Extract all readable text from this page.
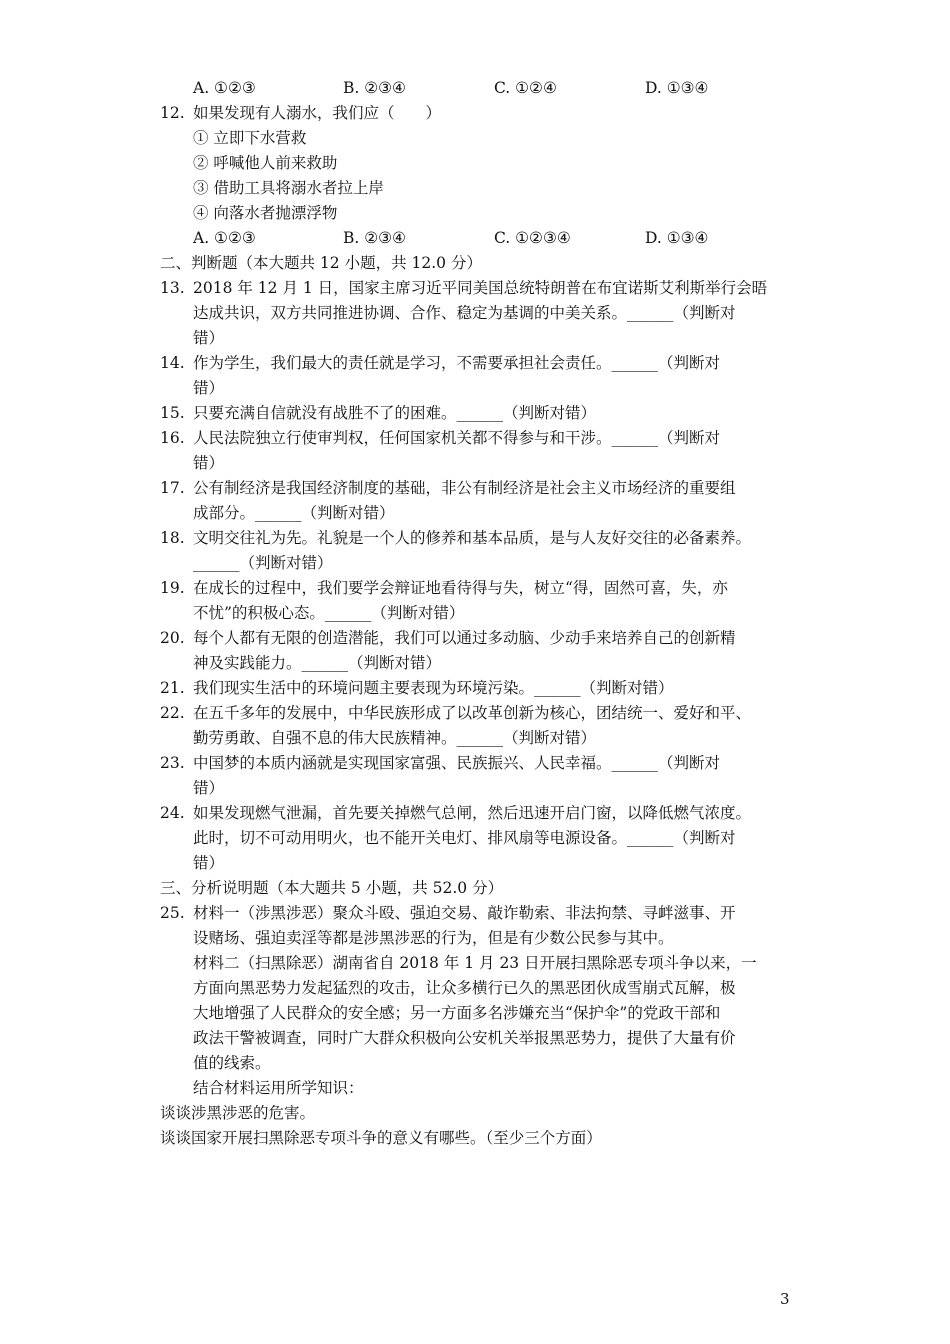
A. ①②③	B. ②③④	C. ①②④	D. ①③④
12. 如果发现有人溺水，我们应（　　）
① 立即下水营救
② 呼喊他人前来救助
③ 借助工具将溺水者拉上岸
④ 向落水者抛漂浮物
A. ①②③	B. ②③④	C. ①②③④	D. ①③④
二、判断题（本大题共 12 小题，共 12.0 分）
13. 2018 年 12 月 1 日，国家主席习近平同美国总统特朗普在布宜诺斯艾利斯举行会晤
达成共识，双方共同推进协调、合作、稳定为基调的中美关系。______（判断对
错）
14. 作为学生，我们最大的责任就是学习，不需要承担社会责任。______（判断对
错）
15. 只要充满自信就没有战胜不了的困难。______（判断对错）
16. 人民法院独立行使审判权，任何国家机关都不得参与和干涉。______（判断对
错）
17. 公有制经济是我国经济制度的基础，非公有制经济是社会主义市场经济的重要组
成部分。______（判断对错）
18. 文明交往礼为先。礼貌是一个人的修养和基本品质，是与人友好交往的必备素养。
______（判断对错）
19. 在成长的过程中，我们要学会辩证地看待得与失，树立“得，固然可喜，失，亦
不忧”的积极心态。______（判断对错）
20. 每个人都有无限的创造潜能，我们可以通过多动脑、少动手来培养自己的创新精
神及实践能力。______（判断对错）
21. 我们现实生活中的环境问题主要表现为环境污染。______（判断对错）
22. 在五千多年的发展中，中华民族形成了以改革创新为核心，团结统一、爱好和平、
勤劳勇敢、自强不息的伟大民族精神。______（判断对错）
23. 中国梦的本质内涵就是实现国家富强、民族振兴、人民幸福。______（判断对
错）
24. 如果发现燃气泄漏，首先要关掉燃气总闸，然后迅速开启门窗，以降低燃气浓度。
此时，切不可动用明火，也不能开关电灯、排风扇等电源设备。______（判断对
错）
三、分析说明题（本大题共 5 小题，共 52.0 分）
25. 材料一（涉黑涉恶）聚众斗殴、强迫交易、敲诈勒索、非法拘禁、寻衅滋事、开
设赌场、强迫卖淫等都是涉黑涉恶的行为，但是有少数公民参与其中。
材料二（扫黑除恶）湖南省自 2018 年 1 月 23 日开展扫黑除恶专项斗争以来，一
方面向黑恶势力发起猛烈的攻击，让众多横行已久的黑恶团伙成雪崩式瓦解，极
大地增强了人民群众的安全感；另一方面多名涉嫌充当“保护伞”的党政干部和
政法干警被调查，同时广大群众积极向公安机关举报黑恶势力，提供了大量有价
值的线索。
结合材料运用所学知识：
谈谈涉黑涉恶的危害。
谈谈国家开展扫黑除恶专项斗争的意义有哪些。（至少三个方面）
3
